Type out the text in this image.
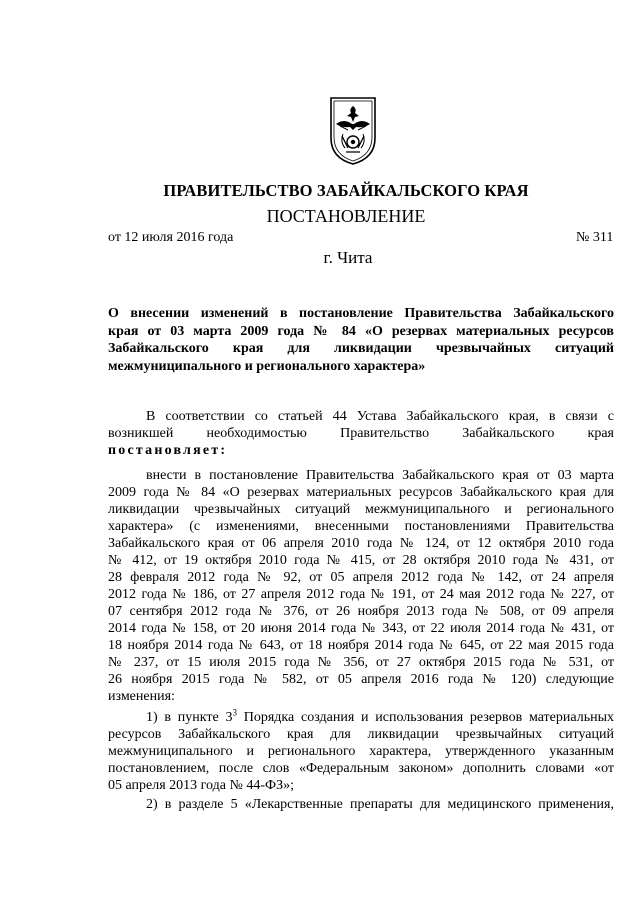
ПРАВИТЕЛЬСТВО ЗАБАЙКАЛЬСКОГО КРАЯ
ПОСТАНОВЛЕНИЕ
от 12 июля 2016 года	№ 311
г. Чита
О внесении изменений в постановление Правительства Забайкальского
края от 03 марта 2009 года № 84 «О резервах материальных ресурсов
Забайкальского края для ликвидации чрезвычайных ситуаций
межмуниципального и регионального характера»
В соответствии со статьей 44 Устава Забайкальского края, в связи с
возникшей необходимостью Правительство Забайкальского края
постановляет:
внести в постановление Правительства Забайкальского края от 03 марта
2009 года № 84 «О резервах материальных ресурсов Забайкальского края для
ликвидации чрезвычайных ситуаций межмуниципального и регионального
характера» (с изменениями, внесенными постановлениями Правительства
Забайкальского края от 06 апреля 2010 года № 124, от 12 октября 2010 года
№ 412, от 19 октября 2010 года № 415, от 28 октября 2010 года № 431, от
28 февраля 2012 года № 92, от 05 апреля 2012 года № 142, от 24 апреля
2012 года № 186, от 27 апреля 2012 года № 191, от 24 мая 2012 года № 227, от
07 сентября 2012 года № 376, от 26 ноября 2013 года № 508, от 09 апреля
2014 года № 158, от 20 июня 2014 года № 343, от 22 июля 2014 года № 431, от
18 ноября 2014 года № 643, от 18 ноября 2014 года № 645, от 22 мая 2015 года
№ 237, от 15 июля 2015 года № 356, от 27 октября 2015 года № 531, от
26 ноября 2015 года № 582, от 05 апреля 2016 года № 120) следующие
изменения:
1) в пункте $3^3$ Порядка создания и использования резервов материальных
ресурсов Забайкальского края для ликвидации чрезвычайных ситуаций
межмуниципального и регионального характера, утвержденного указанным
постановлением, после слов «Федеральным законом» дополнить словами «от
05 апреля 2013 года № 44-ФЗ»;
2) в разделе 5 «Лекарственные препараты для медицинского применения,
